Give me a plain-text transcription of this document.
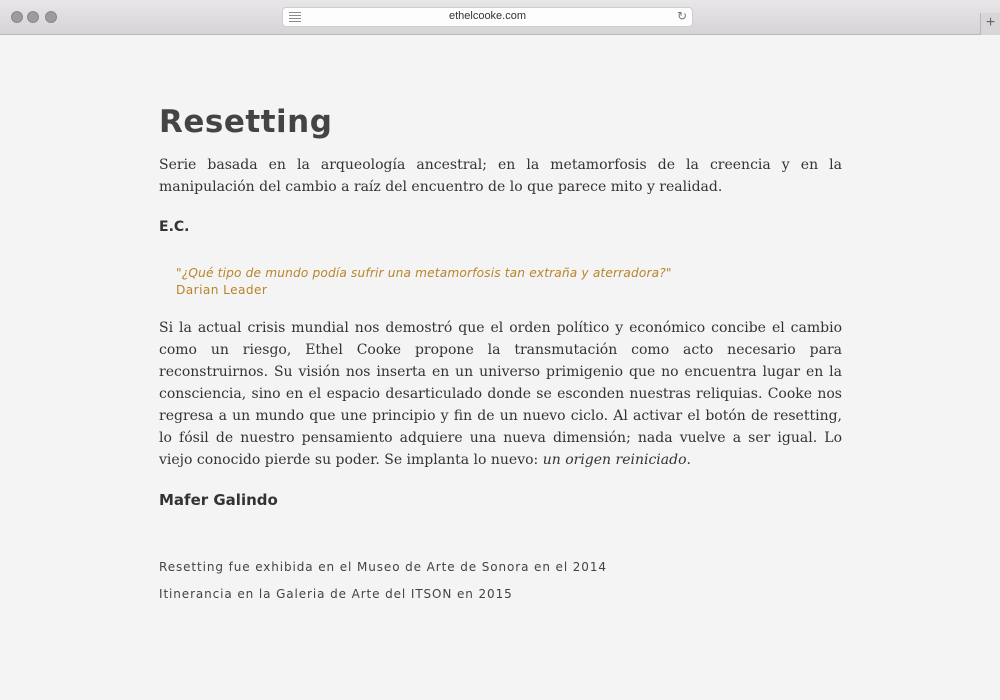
ethelcooke.com	↻	+
Resetting

Serie basada en la arqueología ancestral; en la metamorfosis de la creencia y en la manipulación del cambio a raíz del encuentro de lo que parece mito y realidad.

E.C.
"¿Qué tipo de mundo podía sufrir una metamorfosis tan extraña y aterradora?"
Darian Leader

Si la actual crisis mundial nos demostró que el orden político y económico concibe el cambio como un riesgo, Ethel Cooke propone la transmutación como acto necesario para reconstruirnos. Su visión nos inserta en un universo primigenio que no encuentra lugar en la consciencia, sino en el espacio desarticulado donde se esconden nuestras reliquias. Cooke nos regresa a un mundo que une principio y fin de un nuevo ciclo. Al activar el botón de resetting, lo fósil de nuestro pensamiento adquiere una nueva dimensión; nada vuelve a ser igual. Lo viejo conocido pierde su poder. Se implanta lo nuevo: un origen reiniciado.

Mafer Galindo
Resetting fue exhibida en el Museo de Arte de Sonora en el 2014
Itinerancia en la Galeria de Arte del ITSON en 2015
